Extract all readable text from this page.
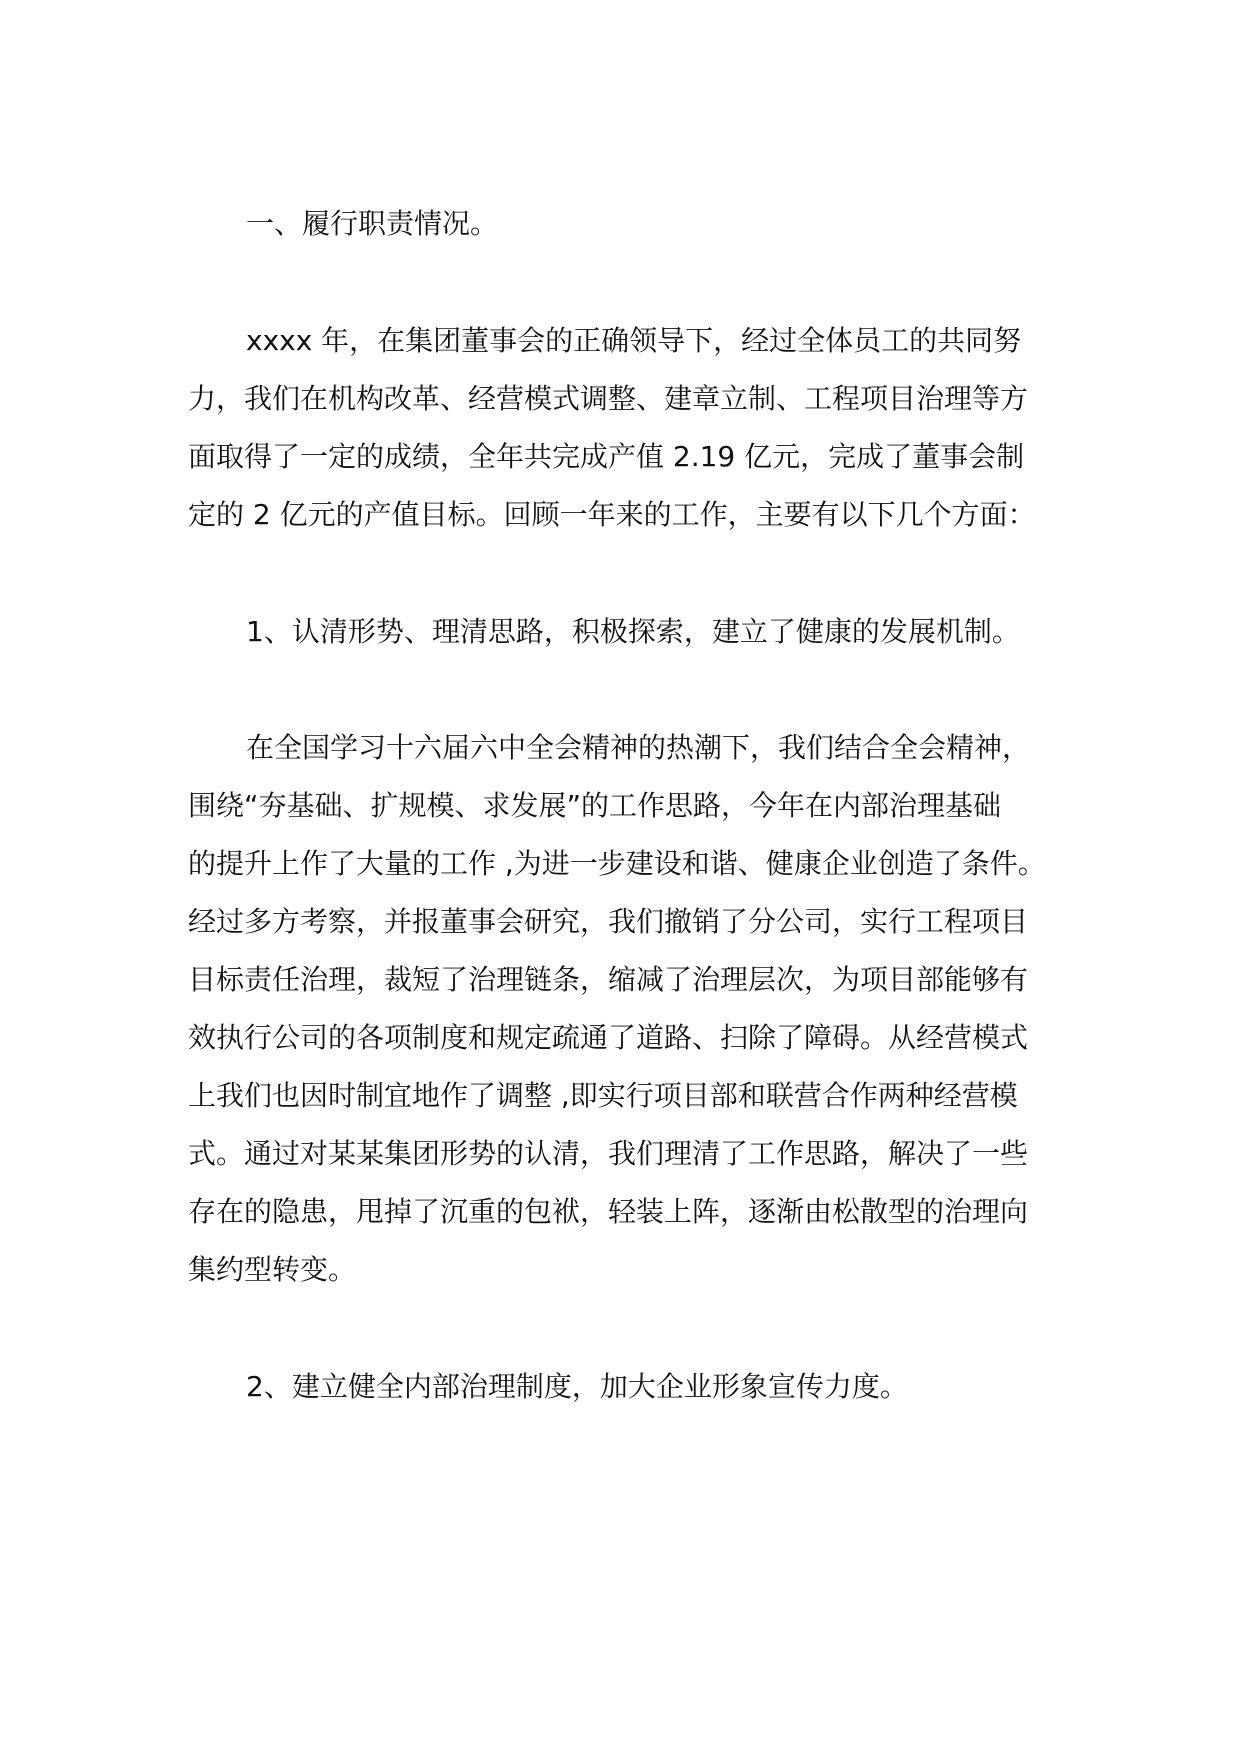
一、履行职责情况。
xxxx 年，在集团董事会的正确领导下，经过全体员工的共同努
力，我们在机构改革、经营模式调整、建章立制、工程项目治理等方
面取得了一定的成绩，全年共完成产值 2.19 亿元，完成了董事会制
定的 2 亿元的产值目标。回顾一年来的工作，主要有以下几个方面：
1、认清形势、理清思路，积极探索，建立了健康的发展机制。
在全国学习十六届六中全会精神的热潮下，我们结合全会精神，
围绕“夯基础、扩规模、求发展”的工作思路，今年在内部治理基础
的提升上作了大量的工作 ,为进一步建设和谐、健康企业创造了条件。
经过多方考察，并报董事会研究，我们撤销了分公司，实行工程项目
目标责任治理，裁短了治理链条，缩减了治理层次，为项目部能够有
效执行公司的各项制度和规定疏通了道路、扫除了障碍。从经营模式
上我们也因时制宜地作了调整 ,即实行项目部和联营合作两种经营模
式。通过对某某集团形势的认清，我们理清了工作思路，解决了一些
存在的隐患，甩掉了沉重的包袱，轻装上阵，逐渐由松散型的治理向
集约型转变。
2、建立健全内部治理制度，加大企业形象宣传力度。
